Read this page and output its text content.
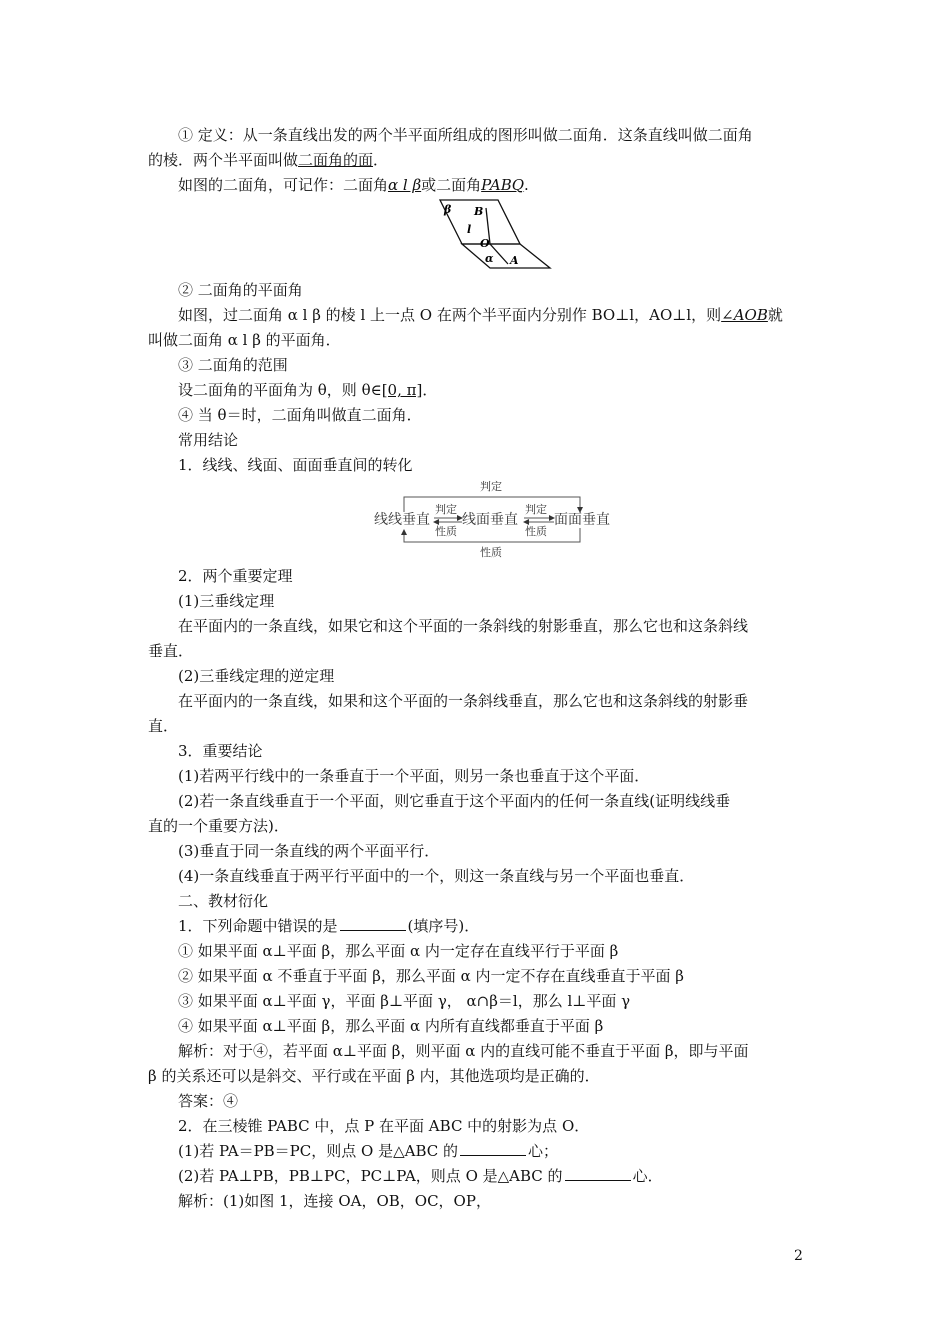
① 定义：从一条直线出发的两个半平面所组成的图形叫做二面角．这条直线叫做二面角
的棱．两个半平面叫做二面角的面．
如图的二面角，可记作：二面角α l β或二面角PABQ.
β B
l
O
α A
② 二面角的平面角
如图，过二面角 α l β 的棱 l 上一点 O 在两个半平面内分别作 BO⊥l，AO⊥l，则∠AOB就
叫做二面角 α l β 的平面角．
③ 二面角的范围
设二面角的平面角为 θ，则 θ∈[0, π]．
④ 当 θ＝时，二面角叫做直二面角．
常用结论
1．线线、线面、面面垂直间的转化
判定
线线垂直 线面垂直	面面垂直
判定
性质
判定
性质
性质
2．两个重要定理
(1)三垂线定理
在平面内的一条直线，如果它和这个平面的一条斜线的射影垂直，那么它也和这条斜线
垂直．
(2)三垂线定理的逆定理
在平面内的一条直线，如果和这个平面的一条斜线垂直，那么它也和这条斜线的射影垂
直．
3．重要结论
(1)若两平行线中的一条垂直于一个平面，则另一条也垂直于这个平面．
(2)若一条直线垂直于一个平面，则它垂直于这个平面内的任何一条直线(证明线线垂
直的一个重要方法)．
(3)垂直于同一条直线的两个平面平行．
(4)一条直线垂直于两平行平面中的一个，则这一条直线与另一个平面也垂直．
二、教材衍化
1．下列命题中错误的是	(填序号)．
① 如果平面 α⊥平面 β，那么平面 α 内一定存在直线平行于平面 β
② 如果平面 α 不垂直于平面 β，那么平面 α 内一定不存在直线垂直于平面 β
③ 如果平面 α⊥平面 γ，平面 β⊥平面 γ， α∩β＝l，那么 l⊥平面 γ
④ 如果平面 α⊥平面 β，那么平面 α 内所有直线都垂直于平面 β
解析：对于④，若平面 α⊥平面 β，则平面 α 内的直线可能不垂直于平面 β，即与平面
β 的关系还可以是斜交、平行或在平面 β 内，其他选项均是正确的．
答案：④
2．在三棱锥 PABC 中，点 P 在平面 ABC 中的射影为点 O．
(1)若 PA＝PB＝PC，则点 O 是△ABC 的	心；
(2)若 PA⊥PB，PB⊥PC，PC⊥PA，则点 O 是△ABC 的	心．
解析：(1)如图 1，连接 OA，OB，OC，OP，
2
